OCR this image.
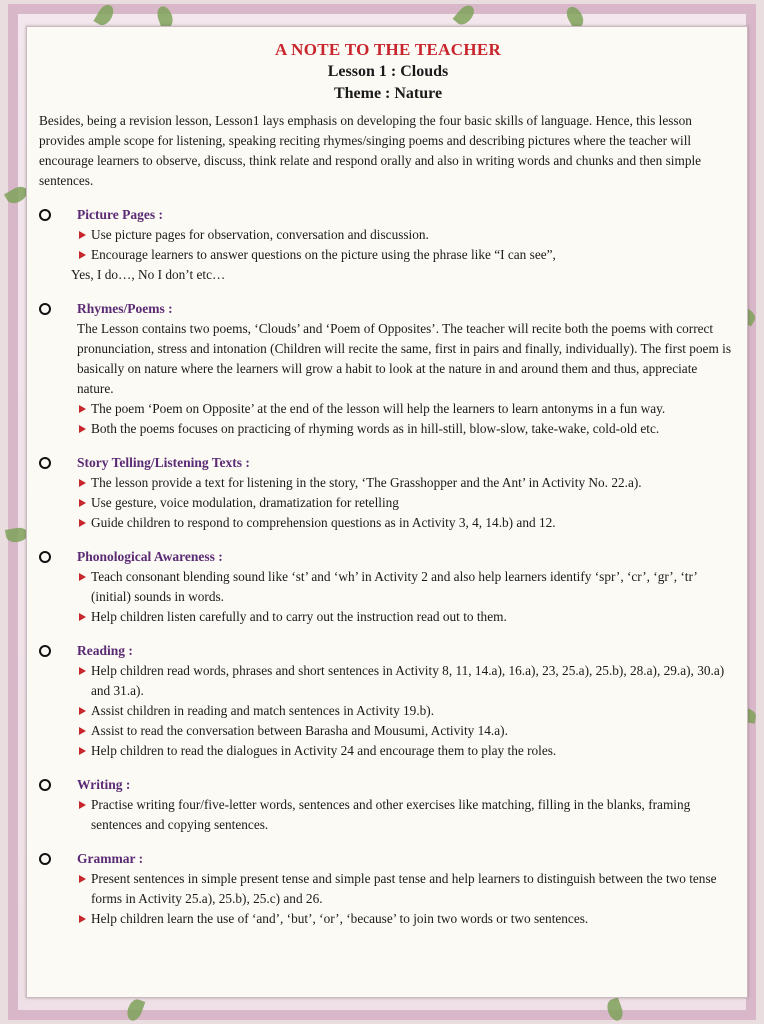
A NOTE TO THE TEACHER

Lesson 1 : Clouds

Theme : Nature

Besides, being a revision lesson, Lesson1 lays emphasis on developing the four basic skills of language. Hence, this lesson provides ample scope for listening, speaking reciting rhymes/singing poems and describing pictures where the teacher will encourage learners to observe, discuss, think relate and respond orally and also in writing words and chunks and then simple sentences.

Picture Pages :
Use picture pages for observation, conversation and discussion.
Encourage learners to answer questions on the picture using the phrase like “I can see”,
Yes, I do…, No I don’t etc…
Rhymes/Poems :
The Lesson contains two poems, ‘Clouds’ and ‘Poem of Opposites’. The teacher will recite both the poems with correct pronunciation, stress and intonation (Children will recite the same, first in pairs and finally, individually). The first poem is basically on nature where the learners will grow a habit to look at the nature in and around them and thus, appreciate nature.
The poem ‘Poem on Opposite’ at the end of the lesson will help the learners to learn antonyms in a fun way.
Both the poems focuses on practicing of rhyming words as in hill-still, blow-slow, take-wake, cold-old etc.
Story Telling/Listening Texts :
The lesson provide a text for listening in the story, ‘The Grasshopper and the Ant’ in Activity No. 22.a).
Use gesture, voice modulation, dramatization for retelling
Guide children to respond to comprehension questions as in Activity 3, 4, 14.b) and 12.
Phonological Awareness :
Teach consonant blending sound like ‘st’ and ‘wh’ in Activity 2 and also help learners identify ‘spr’, ‘cr’, ‘gr’, ‘tr’ (initial) sounds in words.
Help children listen carefully and to carry out the instruction read out to them.
Reading :
Help children read words, phrases and short sentences in Activity 8, 11, 14.a), 16.a), 23, 25.a), 25.b), 28.a), 29.a), 30.a) and 31.a).
Assist children in reading and match sentences in Activity 19.b).
Assist to read the conversation between Barasha and Mousumi, Activity 14.a).
Help children to read the dialogues in Activity 24 and encourage them to play the roles.
Writing :
Practise writing four/five-letter words, sentences and other exercises like matching, filling in the blanks, framing sentences and copying sentences.
Grammar :
Present sentences in simple present tense and simple past tense and help learners to distinguish between the two tense forms in Activity 25.a), 25.b), 25.c) and 26.
Help children learn the use of ‘and’, ‘but’, ‘or’, ‘because’ to join two words or two sentences.
